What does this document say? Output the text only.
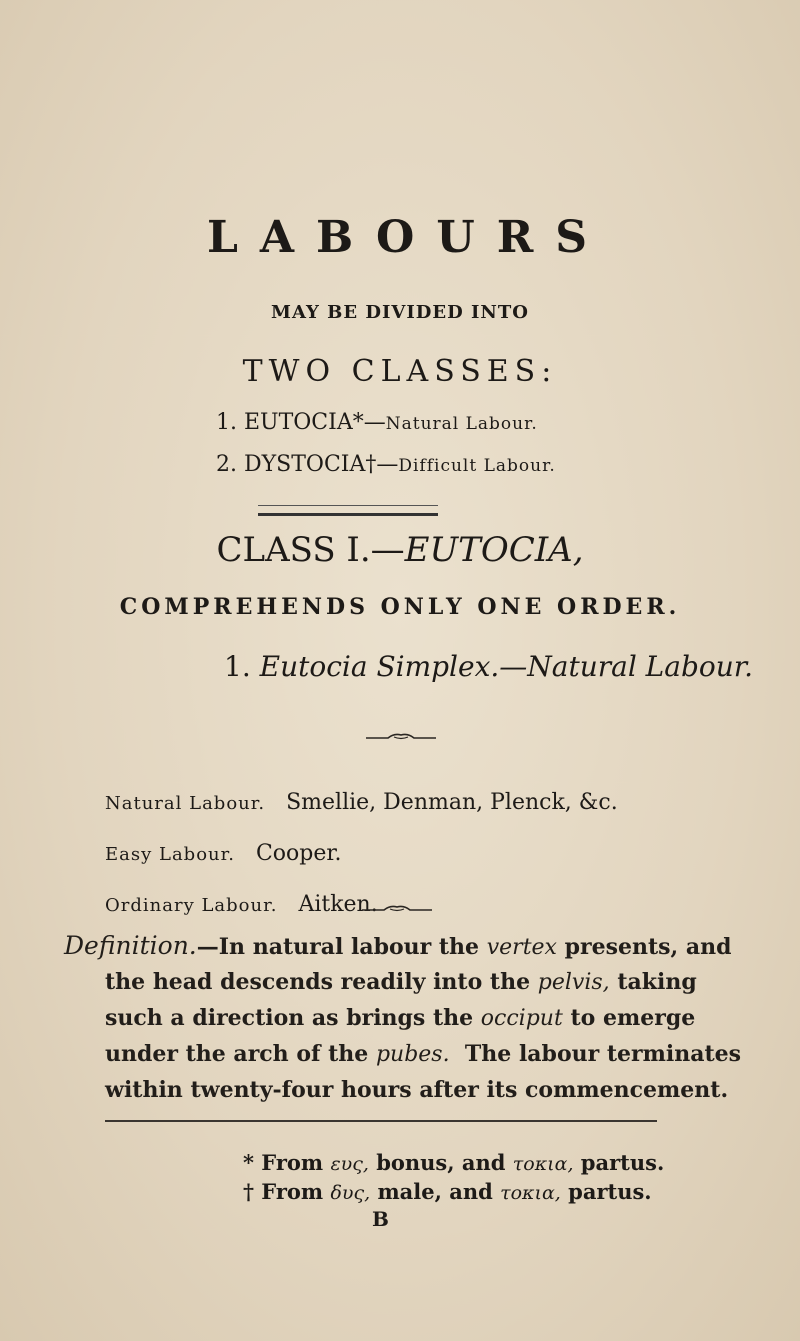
LABOURS
MAY BE DIVIDED INTO
TWO CLASSES:
1. EUTOCIA*—Natural Labour.
2. DYSTOCIA†—Difficult Labour.
CLASS I.—EUTOCIA,
COMPREHENDS ONLY ONE ORDER.
1. Eutocia Simplex.—Natural Labour.
Natural Labour. Smellie, Denman, Plenck, &c.
Easy Labour. Cooper.
Ordinary Labour. Aitken.
Definition.—In natural labour the vertex presents, and
the head descends readily into the pelvis, taking
such a direction as brings the occiput to emerge
under the arch of the pubes. The labour terminates
within twenty-four hours after its commencement.
* From ευς, bonus, and τοκια, partus.
† From δυς, male, and τοκια, partus.
B
